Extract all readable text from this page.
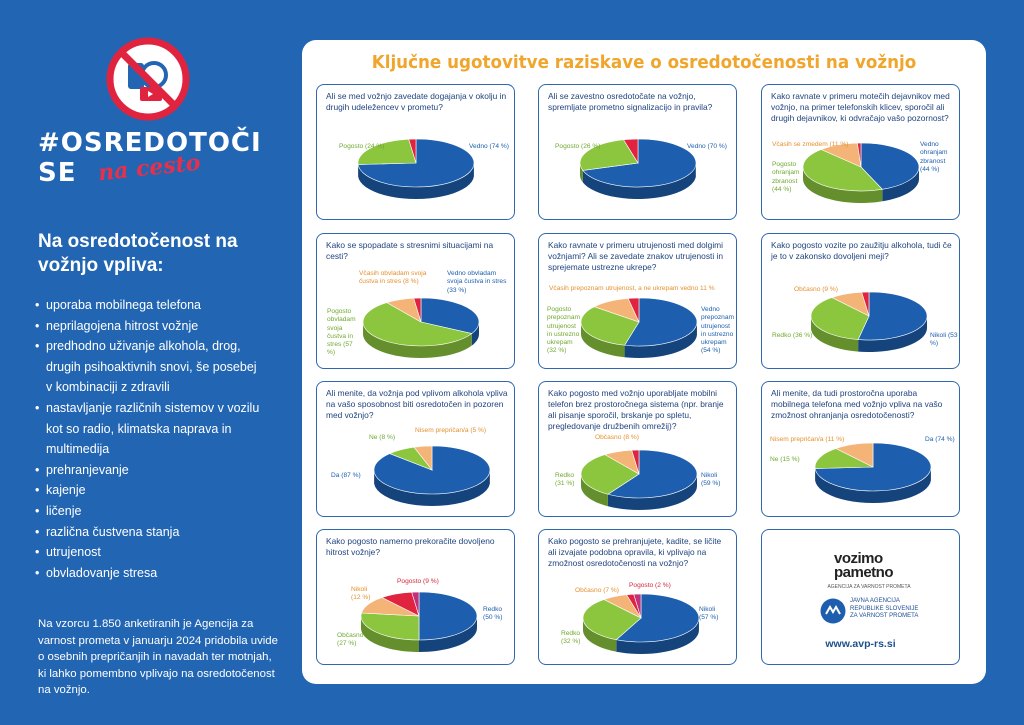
#OSREDOTOČI SE na cesto
Na osredotočenost na vožnjo vpliva:
• uporaba mobilnega telefona
• neprilagojena hitrost vožnje
• predhodno uživanje alkohola, drog,
drugih psihoaktivnih snovi, še posebej
v kombinaciji z zdravili
• nastavljanje različnih sistemov v vozilu
kot so radio, klimatska naprava in multimedija
• prehranjevanje
• kajenje
• ličenje
• različna čustvena stanja
• utrujenost
• obvladovanje stresa
Na vzorcu 1.850 anketiranih je Agencija za varnost prometa v januarju 2024 pridobila uvide o osebnih prepričanjih in navadah ter motnjah, ki lahko pomembno vplivajo na osredotočenost na vožnjo.
Ključne ugotovitve raziskave o osredotočenosti na vožnjo
Ali se med vožnjo zavedate dogajanja v okolju in drugih udeležencev v prometu?
Pogosto (24 %)	Vedno (74 %)
Ali se zavestno osredotočate na vožnjo, spremljate prometno signalizacijo in pravila?
Pogosto (26 %)	Vedno (70 %)
Kako ravnate v primeru motečih dejavnikov med vožnjo, na primer telefonskih klicev, sporočil ali drugih dejavnikov, ki odvračajo vašo pozornost?
Včasih se zmedem (11 %)
Pogosto ohranjam zbranost (44 %)
Vedno ohranjam zbranost (44 %)
Kako se spopadate s stresnimi situacijami na cesti?
Včasih obvladam svoja čustva in stres (8 %)
Vedno obvladam svoja čustva in stres (33 %)
Pogosto obvladam svoja čustva in stres (57 %)
Kako ravnate v primeru utrujenosti med dolgimi vožnjami? Ali se zavedate znakov utrujenosti in sprejemate ustrezne ukrepe?
Včasih prepoznam utrujenost, a ne ukrepam vedno 11 %
Pogosto prepoznam utrujenost in ustrezno ukrepam (32 %)
Vedno prepoznam utrujenost in ustrezno ukrepam (54 %)
Kako pogosto vozite po zaužitju alkohola, tudi če je to v zakonsko dovoljeni meji?
Občasno (9 %)
Redko (36 %)	Nikoli (53 %)
Ali menite, da vožnja pod vplivom alkohola vpliva na vašo sposobnost biti osredotočen in pozoren med vožnjo?
Ne (8 %)
Nisem prepričan/a (5 %)
Da (87 %)
Kako pogosto med vožnjo uporabljate mobilni telefon brez prostoročnega sistema (npr. branje ali pisanje sporočil, brskanje po spletu, pregledovanje družbenih omrežij)?
Občasno (8 %)
Redko (31 %)
Nikoli (59 %)
Ali menite, da tudi prostoročna uporaba mobilnega telefona med vožnjo vpliva na vašo zmožnost ohranjanja osredotočenosti?
Nisem prepričan/a (11 %)
Ne (15 %)
Da (74 %)
Kako pogosto namerno prekoračite dovoljeno hitrost vožnje?
Pogosto (9 %)
Nikoli (12 %)
Redko (50 %)
Občasno (27 %)
Kako pogosto se prehranjujete, kadite, se ličite ali izvajate podobna opravila, ki vplivajo na zmožnost osredotočenosti na vožnjo?
Občasno (7 %)
Pogosto (2 %)
Nikoli (57 %)
Redko (32 %)
vozimo
pametno
AGENCIJA ZA VARNOST PROMETA
JAVNA AGENCIJA
REPUBLIKE SLOVENIJE
ZA VARNOST PROMETA
www.avp-rs.si
